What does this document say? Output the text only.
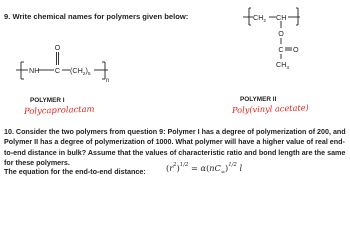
9. Write chemical names for polymers given below:
O
NH C $(CH_2)_5$
n
$CH_2$ CH
O
C O
$CH_3$
POLYMER I	POLYMER II
Polycaprolactam	Poly(vinyl acetate)
10. Consider the two polymers from question 9: Polymer I has a degree of polymerization of 200, and Polymer II has a degree of polymerization of 1000. What polymer will have a higher value of real end-to-end distance in bulk? Assume that the values of characteristic ratio and bond length are the same for these polymers.
The equation for the end-to-end distance: $(r^2)^{1/2} = \alpha(nC_\infty)^{1/2}$ l
